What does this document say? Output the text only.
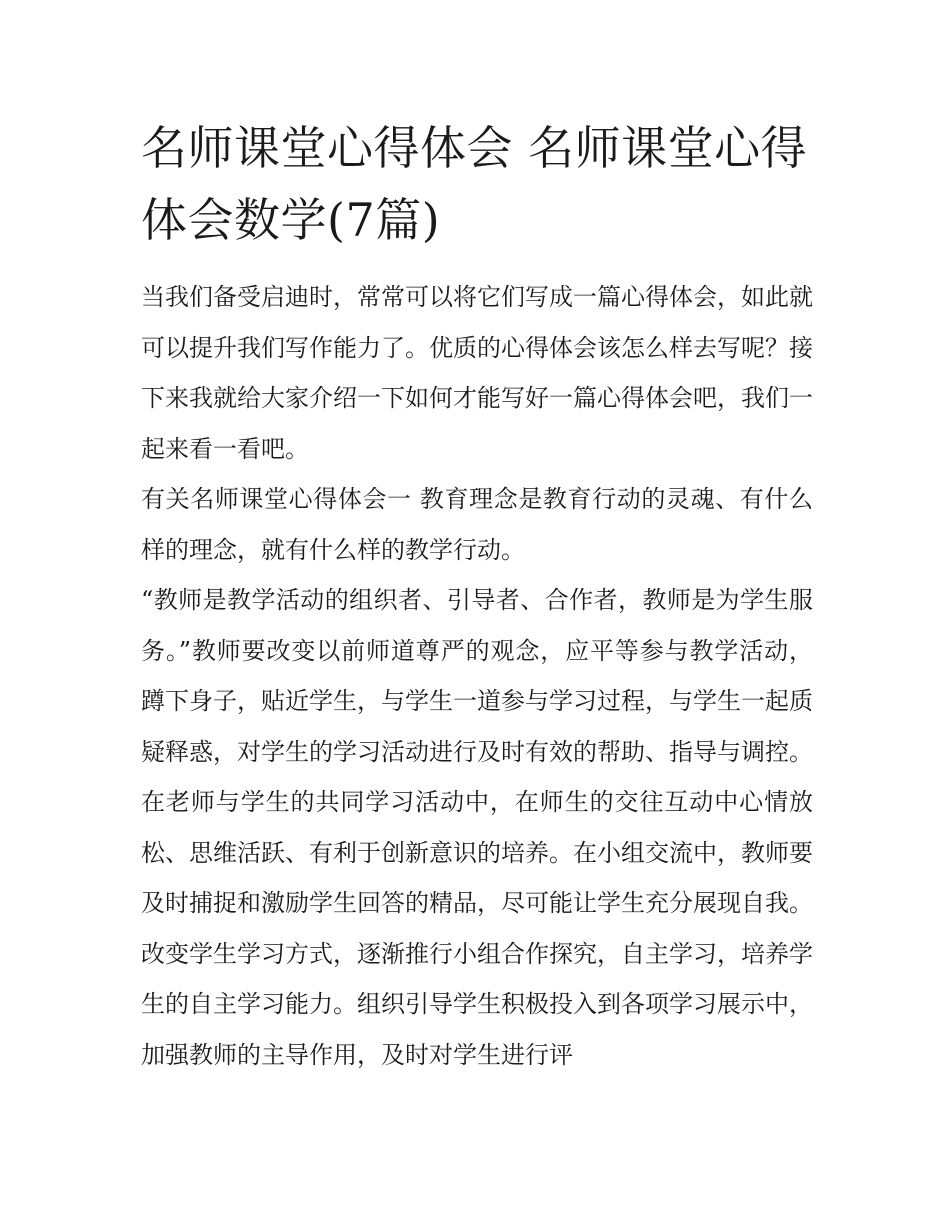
名师课堂心得体会 名师课堂心得体会数学(7篇)

当我们备受启迪时，常常可以将它们写成一篇心得体会，如此就可以提升我们写作能力了。优质的心得体会该怎么样去写呢？接下来我就给大家介绍一下如何才能写好一篇心得体会吧，我们一起来看一看吧。

有关名师课堂心得体会一 教育理念是教育行动的灵魂、有什么样的理念，就有什么样的教学行动。

“教师是教学活动的组织者、引导者、合作者，教师是为学生服务。”教师要改变以前师道尊严的观念，应平等参与教学活动，蹲下身子，贴近学生，与学生一道参与学习过程，与学生一起质疑释惑，对学生的学习活动进行及时有效的帮助、指导与调控。在老师与学生的共同学习活动中，在师生的交往互动中心情放松、思维活跃、有利于创新意识的培养。在小组交流中，教师要及时捕捉和激励学生回答的精品，尽可能让学生充分展现自我。改变学生学习方式，逐渐推行小组合作探究，自主学习，培养学生的自主学习能力。组织引导学生积极投入到各项学习展示中，加强教师的主导作用，及时对学生进行评
